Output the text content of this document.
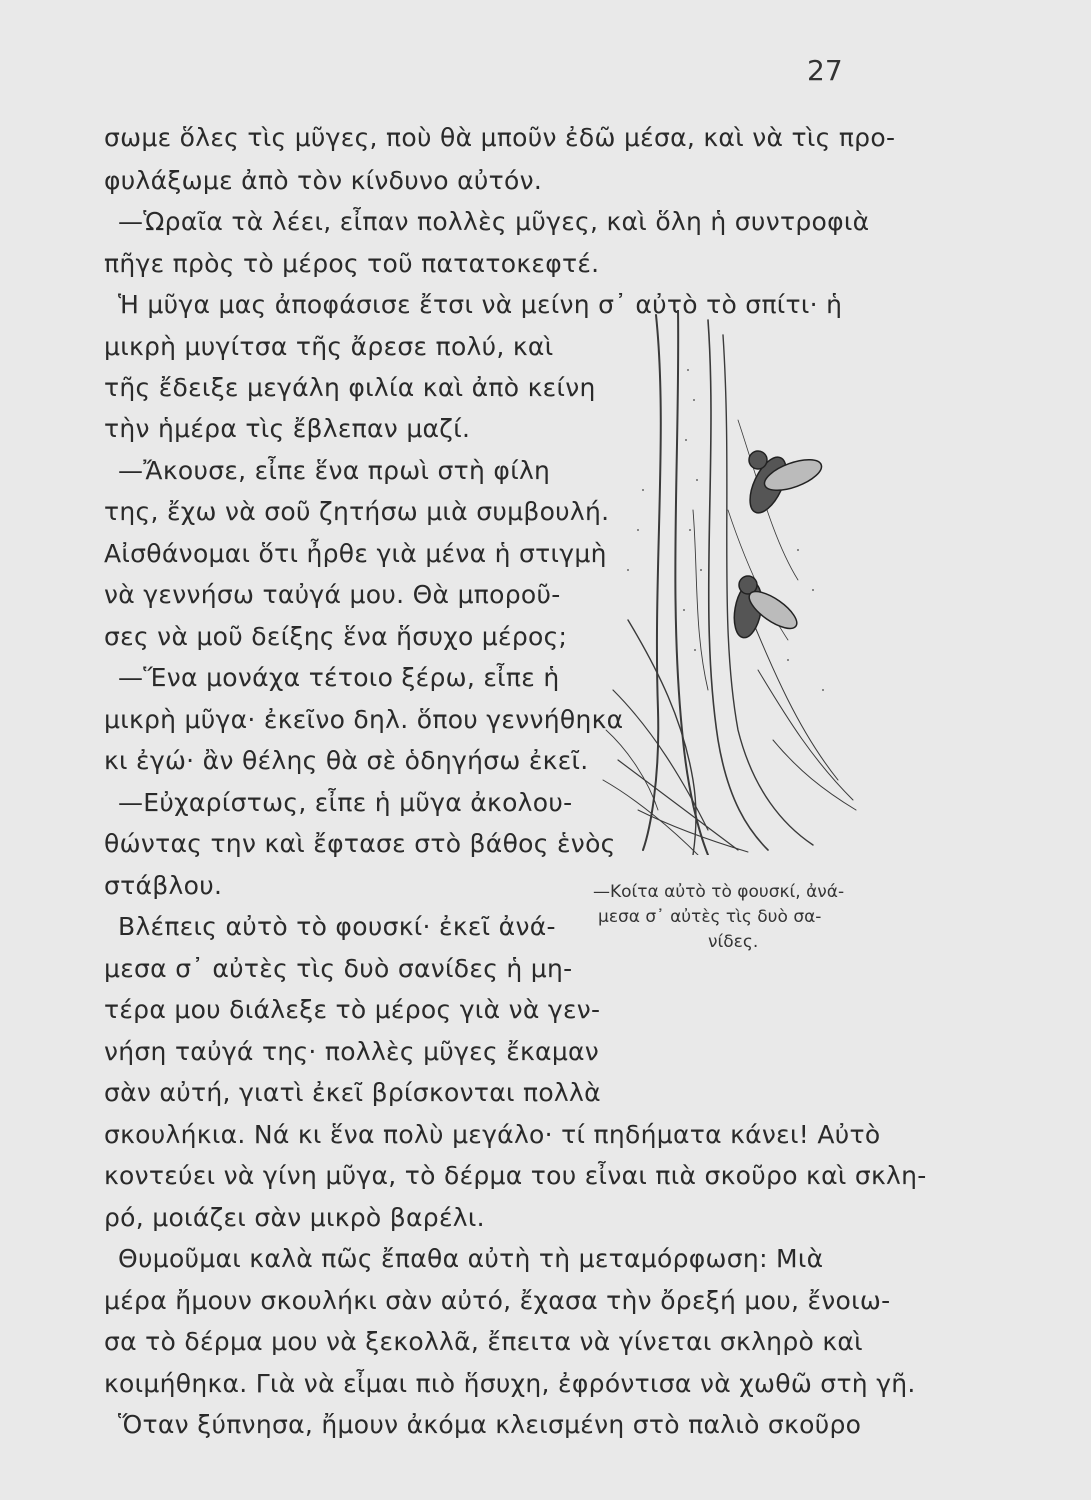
27
σωμε ὅλες τὶς μῦγες, ποὺ θὰ μποῦν ἐδῶ μέσα, καὶ νὰ τὶς προ-
φυλάξωμε ἀπὸ τὸν κίνδυνο αὐτόν.
—Ὡραῖα τὰ λέει, εἶπαν πολλὲς μῦγες, καὶ ὅλη ἡ συντροφιὰ
πῆγε πρὸς τὸ μέρος τοῦ πατατοκεφτέ.
Ἡ μῦγα μας ἀποφάσισε ἔτσι νὰ μείνη σ᾽ αὐτὸ τὸ σπίτι· ἡ
μικρὴ μυγίτσα τῆς ἄρεσε πολύ, καὶ
τῆς ἔδειξε μεγάλη φιλία καὶ ἀπὸ κείνη
τὴν ἡμέρα τὶς ἔβλεπαν μαζί.
—Ἄκουσε, εἶπε ἕνα πρωὶ στὴ φίλη
της, ἔχω νὰ σοῦ ζητήσω μιὰ συμβουλή.
Αἰσθάνομαι ὅτι ἦρθε γιὰ μένα ἡ στιγμὴ
νὰ γεννήσω ταὐγά μου. Θὰ μποροῦ-
σες νὰ μοῦ δείξης ἕνα ἥσυχο μέρος;
—Ἕνα μονάχα τέτοιο ξέρω, εἶπε ἡ
μικρὴ μῦγα· ἐκεῖνο δηλ. ὅπου γεννήθηκα
κι ἐγώ· ἂν θέλης θὰ σὲ ὁδηγήσω ἐκεῖ.
—Εὐχαρίστως, εἶπε ἡ μῦγα ἀκολου-
θώντας την καὶ ἔφτασε στὸ βάθος ἑνὸς
στάβλου.
Βλέπεις αὐτὸ τὸ φουσκί· ἐκεῖ ἀνά-
μεσα σ᾽ αὐτὲς τὶς δυὸ σανίδες ἡ μη-
τέρα μου διάλεξε τὸ μέρος γιὰ νὰ γεν-
νήση ταὐγά της· πολλὲς μῦγες ἔκαμαν
σὰν αὐτή, γιατὶ ἐκεῖ βρίσκονται πολλὰ
σκουλήκια. Νά κι ἕνα πολὺ μεγάλο· τί πηδήματα κάνει! Αὐτὸ
κοντεύει νὰ γίνη μῦγα, τὸ δέρμα του εἶναι πιὰ σκοῦρο καὶ σκλη-
ρό, μοιάζει σὰν μικρὸ βαρέλι.
Θυμοῦμαι καλὰ πῶς ἔπαθα αὐτὴ τὴ μεταμόρφωση: Μιὰ
μέρα ἤμουν σκουλήκι σὰν αὐτό, ἔχασα τὴν ὄρεξή μου, ἔνοιω-
σα τὸ δέρμα μου νὰ ξεκολλᾶ, ἔπειτα νὰ γίνεται σκληρὸ καὶ
κοιμήθηκα. Γιὰ νὰ εἶμαι πιὸ ἥσυχη, ἐφρόντισα νὰ χωθῶ στὴ γῆ.
Ὅταν ξύπνησα, ἤμουν ἀκόμα κλεισμένη στὸ παλιὸ σκοῦρο
—Κοίτα αὐτὸ τὸ φουσκί, ἀνά-
μεσα σ᾽ αὐτὲς τὶς δυὸ σα-
νίδες.
